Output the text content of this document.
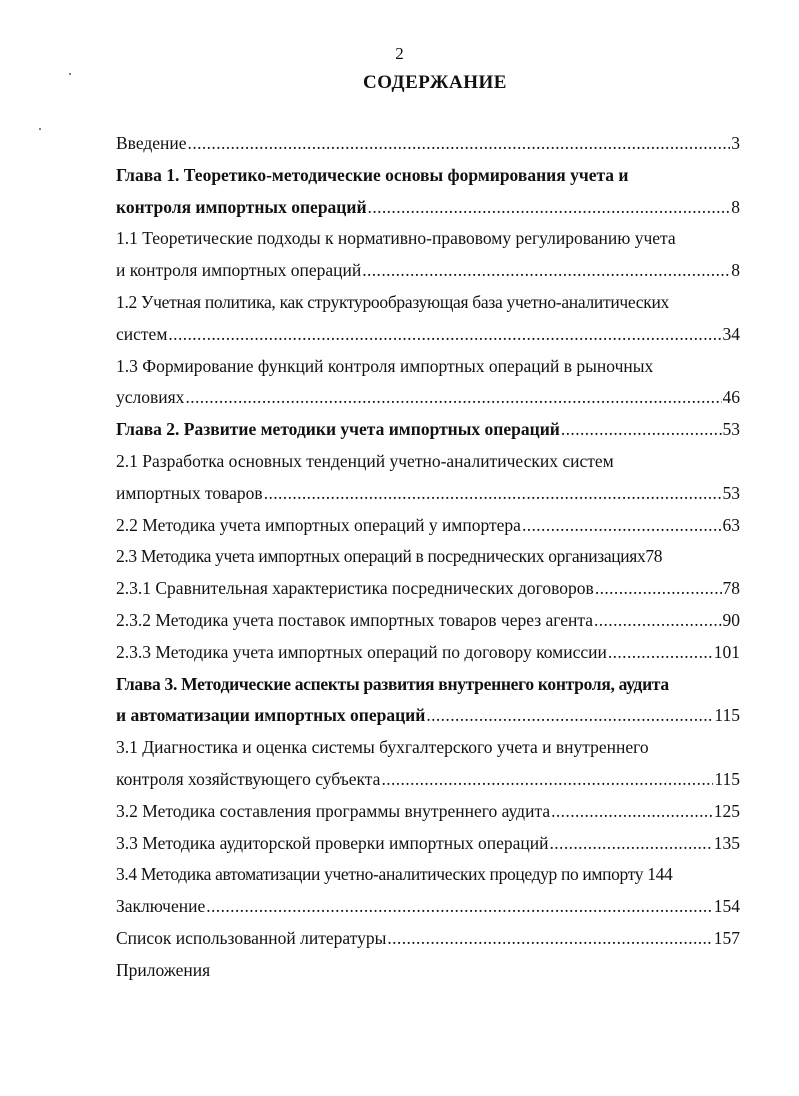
2
СОДЕРЖАНИЕ
Введение .....	3
Глава 1. Теоретико-методические основы формирования учета и
контроля импортных операций .....	8
1.1 Теоретические подходы к нормативно-правовому регулированию учета
и контроля импортных операций .....	8
1.2 Учетная политика, как структурообразующая база учетно-аналитических
систем .....	34
1.3 Формирование функций контроля импортных операций в рыночных
условиях .....	46
Глава 2. Развитие методики учета импортных операций .....	53
2.1 Разработка основных тенденций учетно-аналитических систем
импортных товаров .....	53
2.2 Методика учета импортных операций у импортера .....	63
2.3 Методика учета импортных операций в посреднических организациях78
2.3.1 Сравнительная характеристика посреднических договоров .....	78
2.3.2 Методика учета поставок импортных товаров через агента .....	90
2.3.3 Методика учета импортных операций по договору комиссии .....	101
Глава 3. Методические аспекты развития внутреннего контроля, аудита
и автоматизации импортных операций .....	115
3.1 Диагностика и оценка системы бухгалтерского учета и внутреннего
контроля хозяйствующего субъекта .....	115
3.2 Методика составления программы внутреннего аудита .....	125
3.3 Методика аудиторской проверки импортных операций .....	135
3.4 Методика автоматизации учетно-аналитических процедур по импорту 144
Заключение .....	154
Список использованной литературы .....	157
Приложения
